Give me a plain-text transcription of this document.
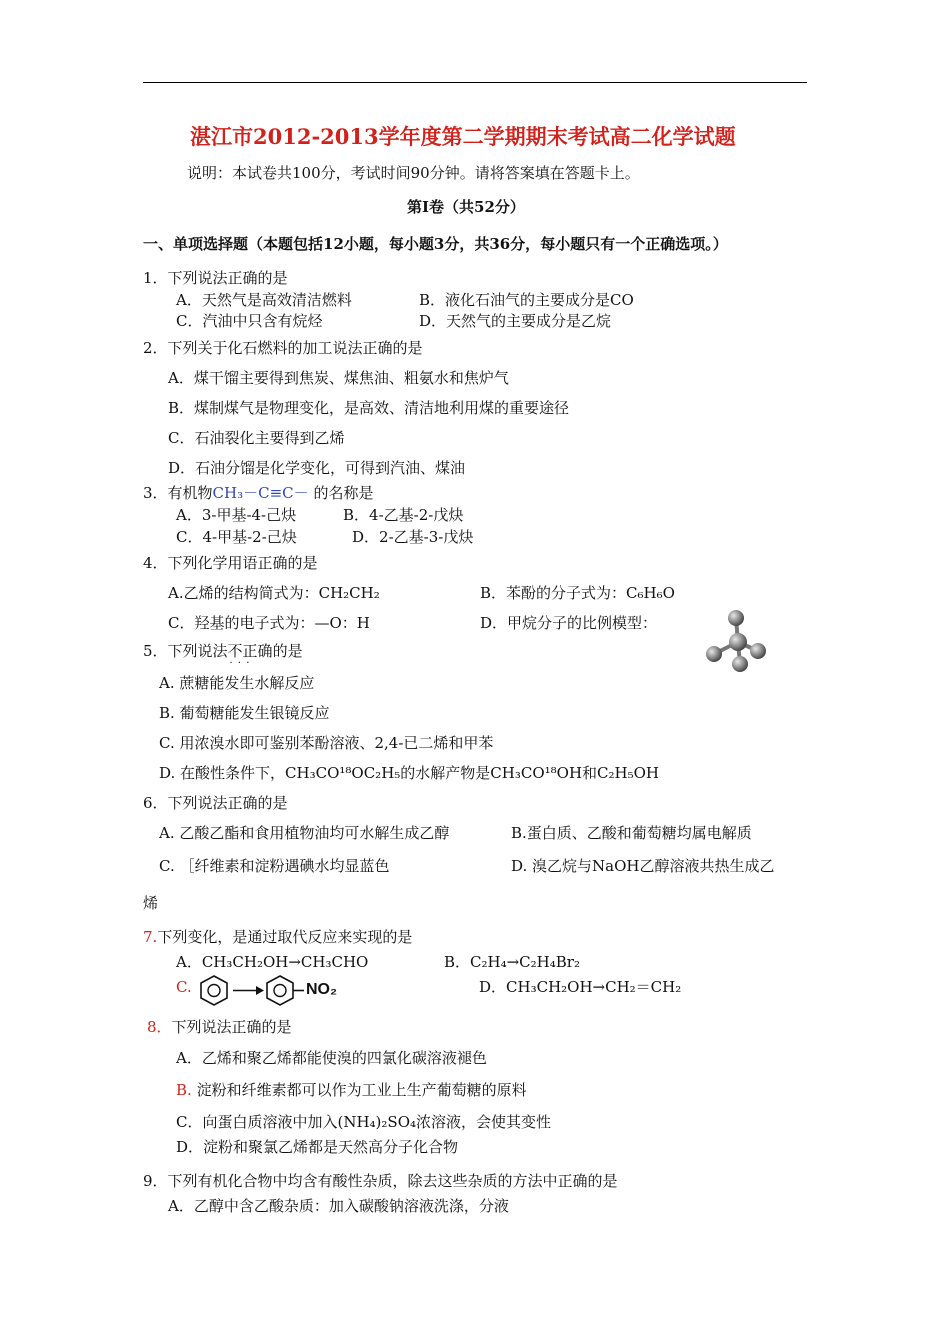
湛江市2012-2013学年度第二学期期末考试高二化学试题
说明：本试卷共100分，考试时间90分钟。请将答案填在答题卡上。
第Ⅰ卷（共52分）
一、单项选择题（本题包括12小题，每小题3分，共36分，每小题只有一个正确选项。）
1．下列说法正确的是
A．天然气是高效清洁燃料	B．液化石油气的主要成分是CO
C．汽油中只含有烷烃	D．天然气的主要成分是乙烷
2．下列关于化石燃料的加工说法正确的是
A．煤干馏主要得到焦炭、煤焦油、粗氨水和焦炉气
B．煤制煤气是物理变化，是高效、清洁地利用煤的重要途径
C．石油裂化主要得到乙烯
D．石油分馏是化学变化，可得到汽油、煤油
3．有机物CH₃－C≡C－ 的名称是
A．3-甲基-4-己炔	B．4-乙基-2-戊炔
C．4-甲基-2-己炔	D．2-乙基-3-戊炔
4．下列化学用语正确的是
A.乙烯的结构简式为：CH₂CH₂	B．苯酚的分子式为：C₆H₆O
C．羟基的电子式为：—O：H	D．甲烷分子的比例模型：
5．下列说法不正确 · · ·的是
A. 蔗糖能发生水解反应
B. 葡萄糖能发生银镜反应
C. 用浓溴水即可鉴别苯酚溶液、2,4-已二烯和甲苯
D. 在酸性条件下，CH₃CO¹⁸OC₂H₅的水解产物是CH₃CO¹⁸OH和C₂H₅OH
6．下列说法正确的是
A. 乙酸乙酯和食用植物油均可水解生成乙醇	B.蛋白质、乙酸和葡萄糖均属电解质
C. ［纤维素和淀粉遇碘水均显蓝色	D. 溴乙烷与NaOH乙醇溶液共热生成乙
烯
7.下列变化，是通过取代反应来实现的是
A．CH₃CH₂OH→CH₃CHO	B．C₂H₄→C₂H₄Br₂
C.	NO₂	D．CH₃CH₂OH→CH₂＝CH₂
8．下列说法正确的是
A．乙烯和聚乙烯都能使溴的四氯化碳溶液褪色
B. 淀粉和纤维素都可以作为工业上生产葡萄糖的原料
C．向蛋白质溶液中加入(NH₄)₂SO₄浓溶液，会使其变性
D．淀粉和聚氯乙烯都是天然高分子化合物
9．下列有机化合物中均含有酸性杂质，除去这些杂质的方法中正确的是
A．乙醇中含乙酸杂质：加入碳酸钠溶液洗涤，分液
